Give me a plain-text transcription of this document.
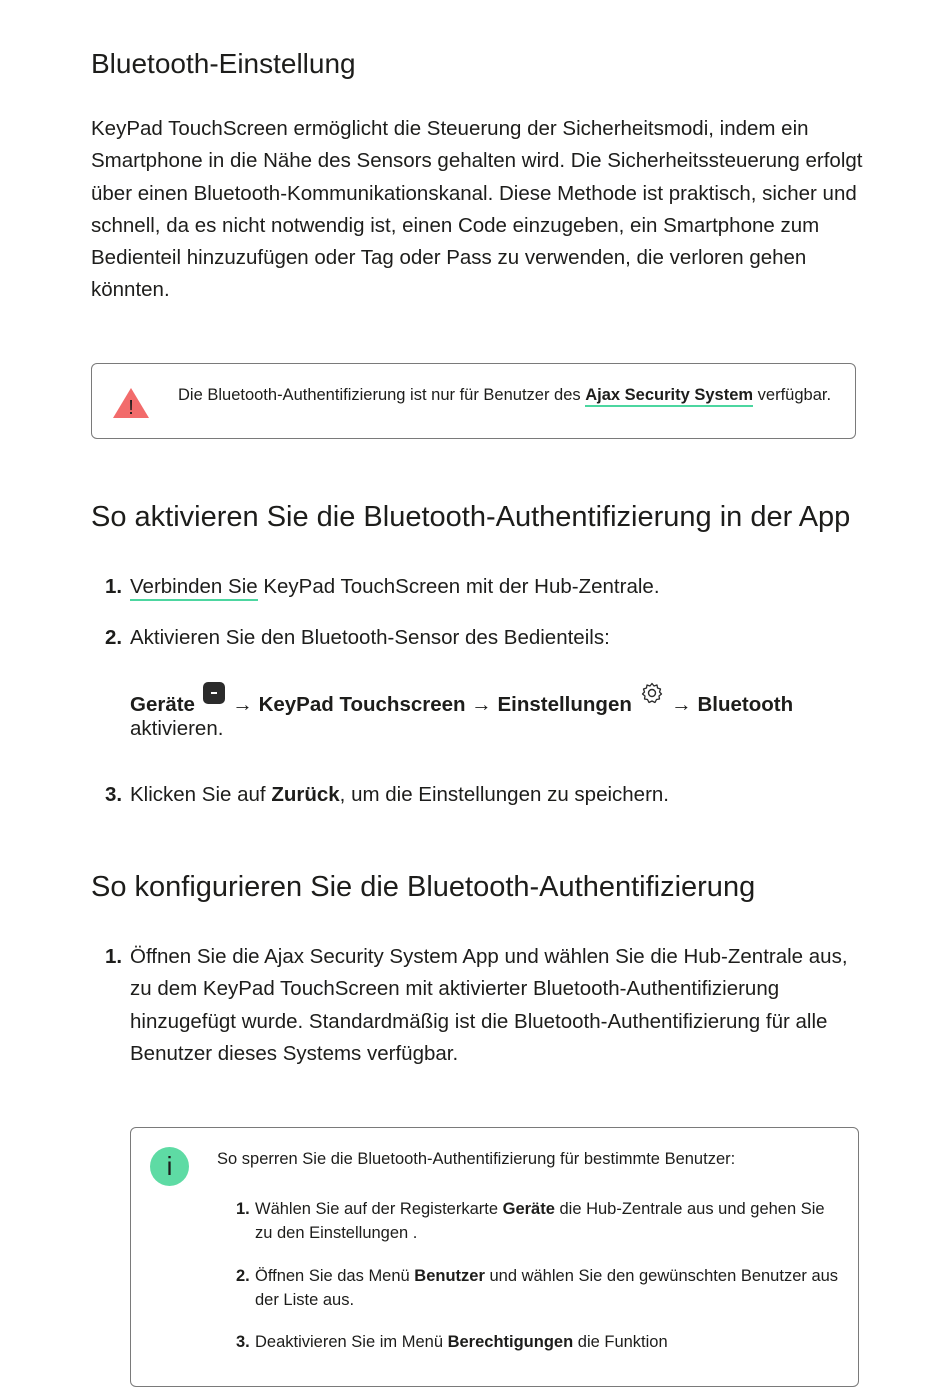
Bluetooth-Einstellung
KeyPad TouchScreen ermöglicht die Steuerung der Sicherheitsmodi, indem ein Smartphone in die Nähe des Sensors gehalten wird. Die Sicherheitssteuerung erfolgt über einen Bluetooth-Kommunikationskanal. Diese Methode ist praktisch, sicher und schnell, da es nicht notwendig ist, einen Code einzugeben, ein Smartphone zum Bedienteil hinzuzufügen oder Tag oder Pass zu verwenden, die verloren gehen könnten.
!
Die Bluetooth-Authentifizierung ist nur für Benutzer des Ajax Security System verfügbar.
So aktivieren Sie die Bluetooth-Authentifizierung in der App
1. Verbinden Sie KeyPad TouchScreen mit der Hub-Zentrale.
2. Aktivieren Sie den Bluetooth-Sensor des Bedienteils:
Geräte → KeyPad Touchscreen → Einstellungen → Bluetooth
aktivieren.
3. Klicken Sie auf Zurück, um die Einstellungen zu speichern.
So konfigurieren Sie die Bluetooth-Authentifizierung
1. Öffnen Sie die Ajax Security System App und wählen Sie die Hub-Zentrale aus, zu dem KeyPad TouchScreen mit aktivierter Bluetooth-Authentifizierung hinzugefügt wurde. Standardmäßig ist die Bluetooth-Authentifizierung für alle Benutzer dieses Systems verfügbar.
i	So sperren Sie die Bluetooth-Authentifizierung für bestimmte Benutzer:
1. Wählen Sie auf der Registerkarte Geräte die Hub-Zentrale aus und gehen Sie zu den Einstellungen .
2. Öffnen Sie das Menü Benutzer und wählen Sie den gewünschten Benutzer aus der Liste aus.
3. Deaktivieren Sie im Menü Berechtigungen die Funktion
